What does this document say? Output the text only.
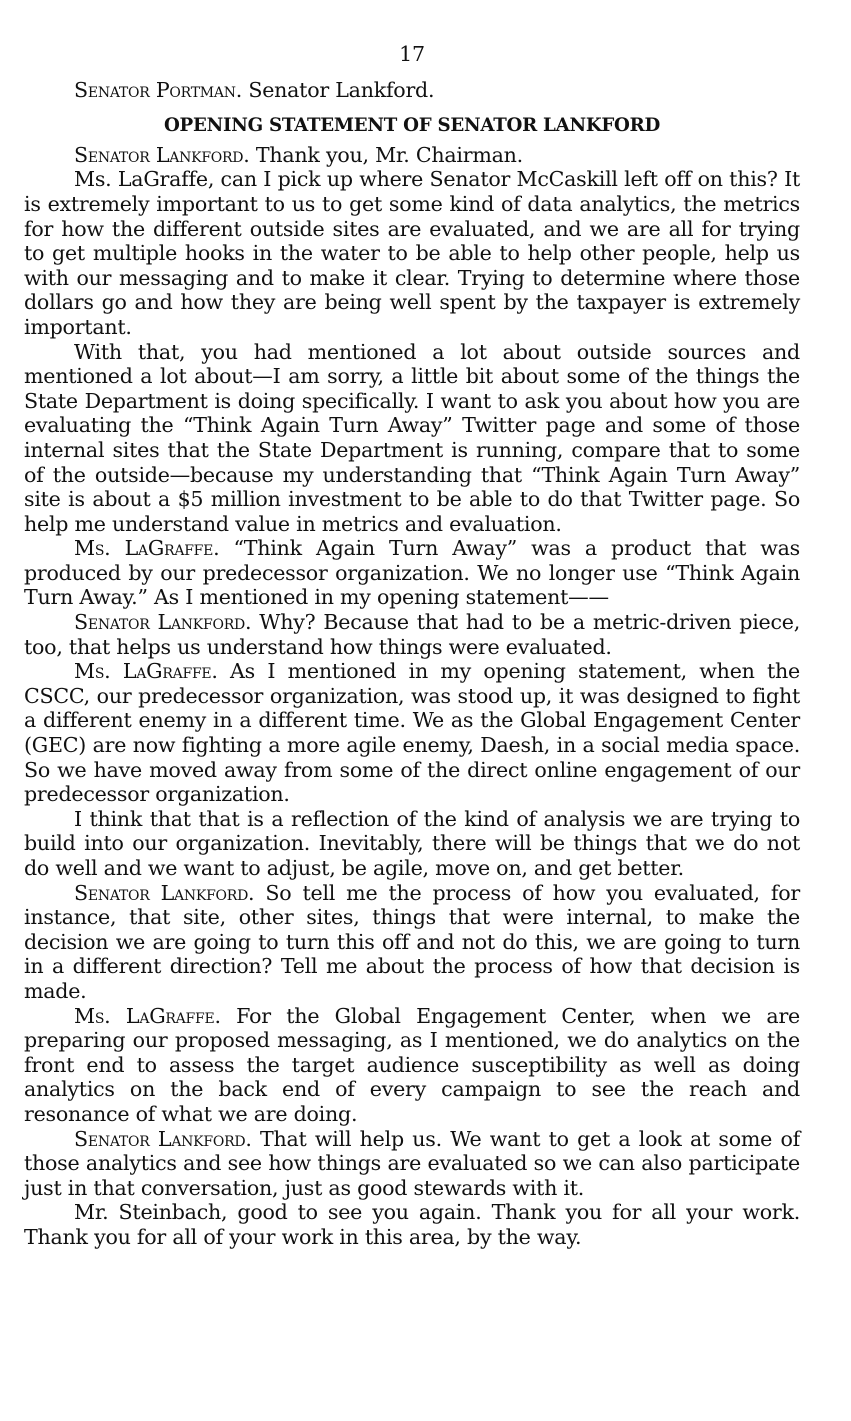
17

Senator Portman. Senator Lankford.

OPENING STATEMENT OF SENATOR LANKFORD

Senator Lankford. Thank you, Mr. Chairman.

Ms. LaGraffe, can I pick up where Senator McCaskill left off on this? It is extremely important to us to get some kind of data analytics, the metrics for how the different outside sites are evaluated, and we are all for trying to get multiple hooks in the water to be able to help other people, help us with our messaging and to make it clear. Trying to determine where those dollars go and how they are being well spent by the taxpayer is extremely important.

With that, you had mentioned a lot about outside sources and mentioned a lot about—I am sorry, a little bit about some of the things the State Department is doing specifically. I want to ask you about how you are evaluating the “Think Again Turn Away” Twitter page and some of those internal sites that the State Department is running, compare that to some of the outside—because my understanding that “Think Again Turn Away” site is about a $5 million investment to be able to do that Twitter page. So help me understand value in metrics and evaluation.

Ms. LaGraffe. “Think Again Turn Away” was a product that was produced by our predecessor organization. We no longer use “Think Again Turn Away.” As I mentioned in my opening statement——

Senator Lankford. Why? Because that had to be a metric-driven piece, too, that helps us understand how things were evaluated.

Ms. LaGraffe. As I mentioned in my opening statement, when the CSCC, our predecessor organization, was stood up, it was designed to fight a different enemy in a different time. We as the Global Engagement Center (GEC) are now fighting a more agile enemy, Daesh, in a social media space. So we have moved away from some of the direct online engagement of our predecessor organization.

I think that that is a reflection of the kind of analysis we are trying to build into our organization. Inevitably, there will be things that we do not do well and we want to adjust, be agile, move on, and get better.

Senator Lankford. So tell me the process of how you evaluated, for instance, that site, other sites, things that were internal, to make the decision we are going to turn this off and not do this, we are going to turn in a different direction? Tell me about the process of how that decision is made.

Ms. LaGraffe. For the Global Engagement Center, when we are preparing our proposed messaging, as I mentioned, we do analytics on the front end to assess the target audience susceptibility as well as doing analytics on the back end of every campaign to see the reach and resonance of what we are doing.

Senator Lankford. That will help us. We want to get a look at some of those analytics and see how things are evaluated so we can also participate just in that conversation, just as good stewards with it.

Mr. Steinbach, good to see you again. Thank you for all your work. Thank you for all of your work in this area, by the way.
